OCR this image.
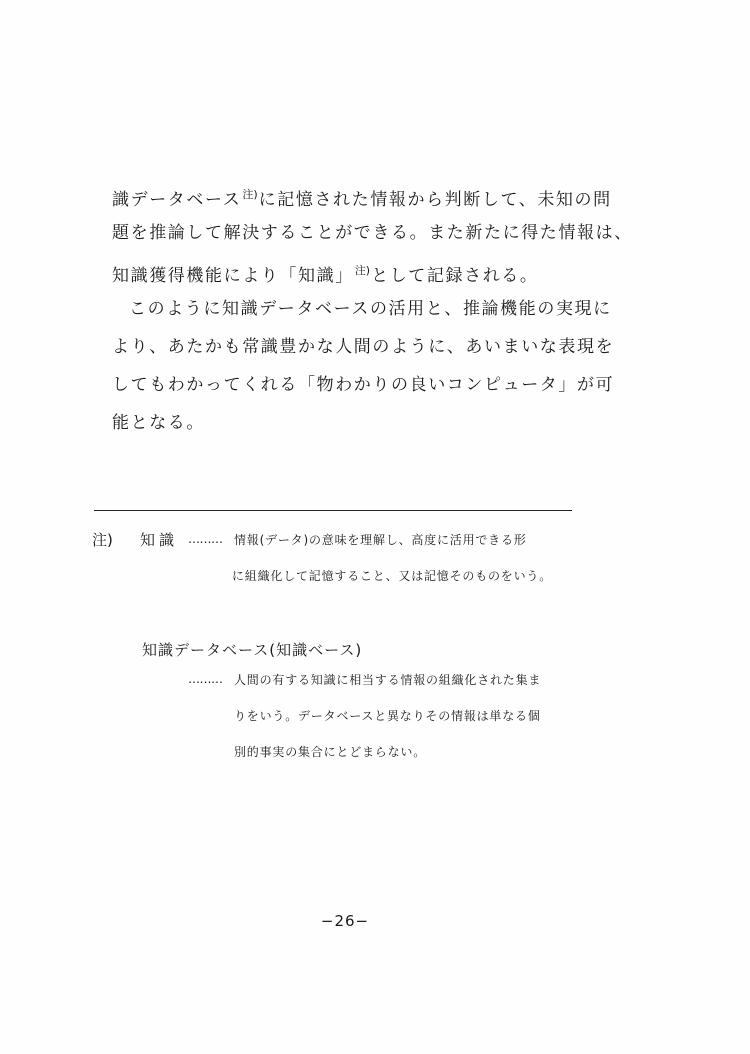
識データベース$^{注)}$に記憶された情報から判断して、未知の問
題を推論して解決することができる。また新たに得た情報は、
知識獲得機能により「知識」$^{注)}$として記録される。
このように知識データベースの活用と、推論機能の実現に
より、あたかも常識豊かな人間のように、あいまいな表現を
してもわかってくれる「物わかりの良いコンピュータ」が可
能となる。
注) 知識 ……… 情報(データ)の意味を理解し、高度に活用できる形
に組織化して記憶すること、又は記憶そのものをいう。
知識データベース(知識ベース)
……… 人間の有する知識に相当する情報の組織化された集ま
りをいう。データベースと異なりその情報は単なる個
別的事実の集合にとどまらない。
−26−
